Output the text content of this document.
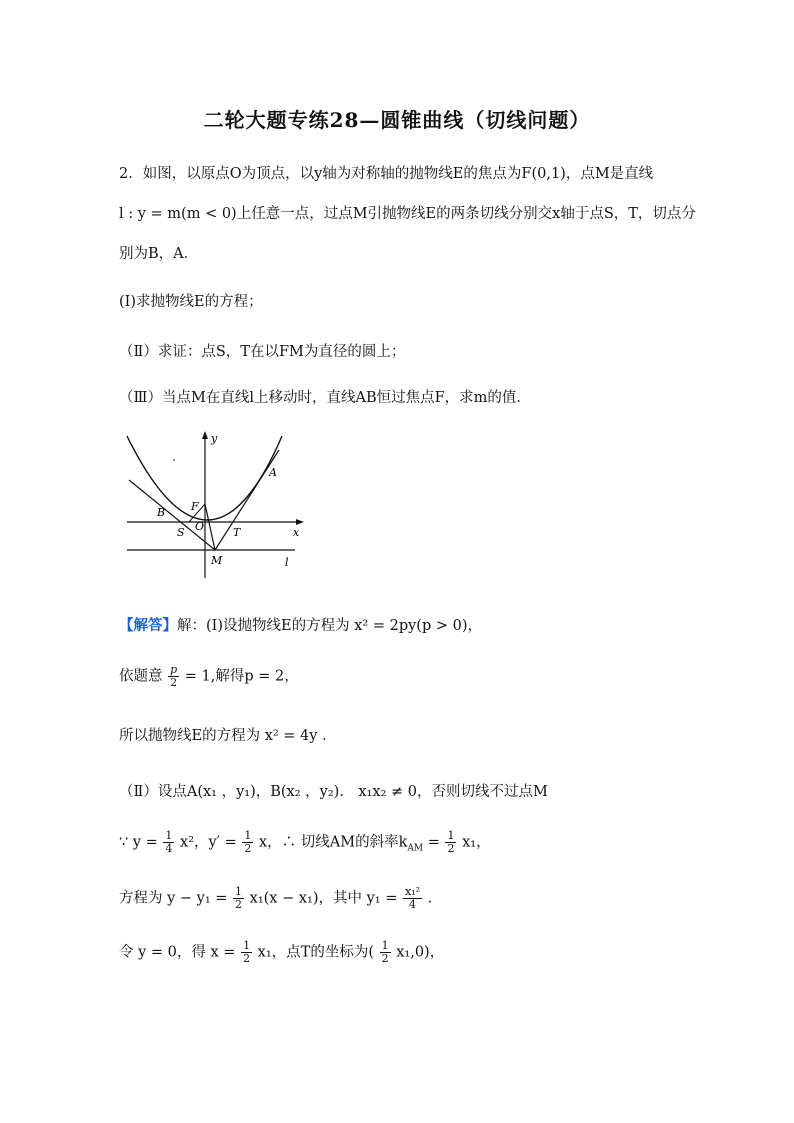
二轮大题专练28—圆锥曲线（切线问题）
2．如图，以原点O为顶点，以y轴为对称轴的抛物线E的焦点为F(0,1)，点M是直线
l : y = m(m < 0)上任意一点，过点M引抛物线E的两条切线分别交x轴于点S，T，切点分
别为B，A．
(I)求抛物线E的方程；
（Ⅱ）求证：点S，T在以FM为直径的圆上；
（Ⅲ）当点M在直线l上移动时，直线AB恒过焦点F，求m的值．
y
x
A
B F
O
S	T
M	l
【解答】解：(I)设抛物线E的方程为 x² = 2py(p > 0)，
依题意 $\frac{p}{2} = 1$,解得p = 2，
所以抛物线E的方程为 x² = 4y ．
（Ⅱ）设点A(x₁ ，y₁)，B(x₂ ，y₂)． x₁x₂ ≠ 0，否则切线不过点M
∵ $y = \frac{1}{4} x^2$，$y' = \frac{1}{2}$ x，∴ 切线AM的斜率$k_{AM} = \frac{1}{2} x_1$，
方程为 $y - y_1 = \frac{1}{2} x_1(x - x_1)$，其中 $y_1 = \frac{\text{x₁²}}{4}$ ．
令 y = 0，得 $x = \frac{1}{2} x_1$，点T的坐标为( $\frac{1}{2} x_1,0$)，
